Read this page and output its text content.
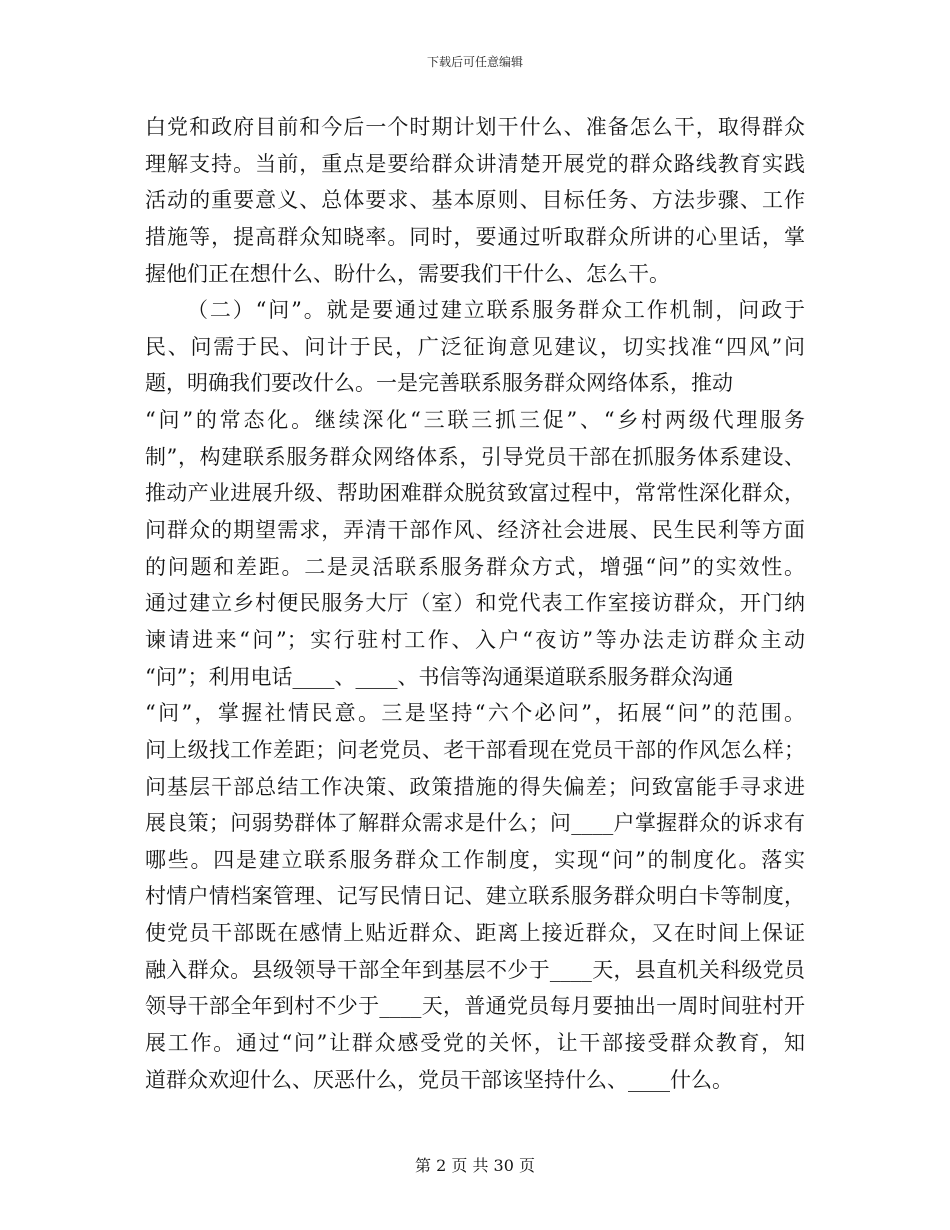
下载后可任意编辑
白党和政府目前和今后一个时期计划干什么、准备怎么干，取得群众
理解支持。当前，重点是要给群众讲清楚开展党的群众路线教育实践
活动的重要意义、总体要求、基本原则、目标任务、方法步骤、工作
措施等，提高群众知晓率。同时，要通过听取群众所讲的心里话，掌
握他们正在想什么、盼什么，需要我们干什么、怎么干。
（二）“问”。就是要通过建立联系服务群众工作机制，问政于
民、问需于民、问计于民，广泛征询意见建议，切实找准“四风”问
题，明确我们要改什么。一是完善联系服务群众网络体系，推动
“问”的常态化。继续深化“三联三抓三促”、“乡村两级代理服务
制”，构建联系服务群众网络体系，引导党员干部在抓服务体系建设、
推动产业进展升级、帮助困难群众脱贫致富过程中，常常性深化群众，
问群众的期望需求，弄清干部作风、经济社会进展、民生民利等方面
的问题和差距。二是灵活联系服务群众方式，增强“问”的实效性。
通过建立乡村便民服务大厅（室）和党代表工作室接访群众，开门纳
谏请进来“问”；实行驻村工作、入户“夜访”等办法走访群众主动
“问”；利用电话____、____、书信等沟通渠道联系服务群众沟通
“问”，掌握社情民意。三是坚持“六个必问”，拓展“问”的范围。
问上级找工作差距；问老党员、老干部看现在党员干部的作风怎么样；
问基层干部总结工作决策、政策措施的得失偏差；问致富能手寻求进
展良策；问弱势群体了解群众需求是什么；问____户掌握群众的诉求有
哪些。四是建立联系服务群众工作制度，实现“问”的制度化。落实
村情户情档案管理、记写民情日记、建立联系服务群众明白卡等制度，
使党员干部既在感情上贴近群众、距离上接近群众，又在时间上保证
融入群众。县级领导干部全年到基层不少于____天，县直机关科级党员
领导干部全年到村不少于____天，普通党员每月要抽出一周时间驻村开
展工作。通过“问”让群众感受党的关怀，让干部接受群众教育，知
道群众欢迎什么、厌恶什么，党员干部该坚持什么、____什么。
第 2 页 共 30 页
